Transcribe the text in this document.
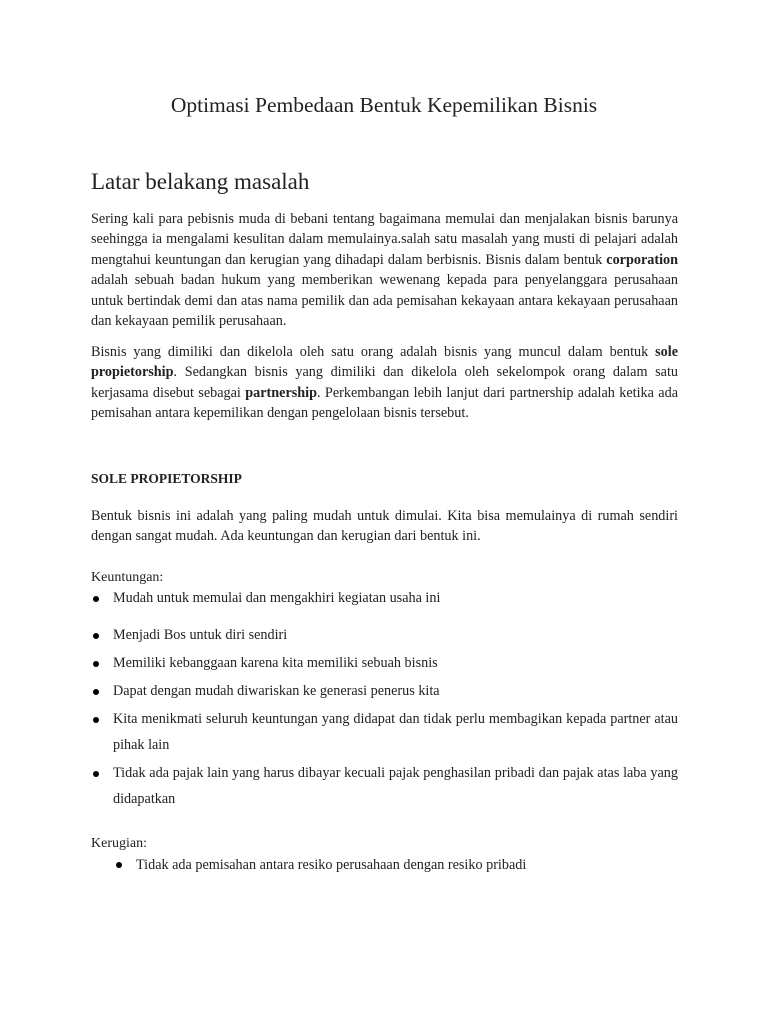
Optimasi Pembedaan Bentuk Kepemilikan Bisnis
Latar belakang masalah

Sering kali para pebisnis muda di bebani tentang bagaimana memulai dan menjalakan bisnis barunya seehingga ia mengalami kesulitan dalam memulainya.salah satu masalah yang musti di pelajari adalah mengtahui keuntungan dan kerugian yang dihadapi dalam berbisnis. Bisnis dalam bentuk corporation adalah sebuah badan hukum yang memberikan wewenang kepada para penyelanggara perusahaan untuk bertindak demi dan atas nama pemilik dan ada pemisahan kekayaan antara kekayaan perusahaan dan kekayaan pemilik perusahaan.

Bisnis yang dimiliki dan dikelola oleh satu orang adalah bisnis yang muncul dalam bentuk sole propietorship. Sedangkan bisnis yang dimiliki dan dikelola oleh sekelompok orang dalam satu kerjasama disebut sebagai partnership. Perkembangan lebih lanjut dari partnership adalah ketika ada pemisahan antara kepemilikan dengan pengelolaan bisnis tersebut.

SOLE PROPIETORSHIP

Bentuk bisnis ini adalah yang paling mudah untuk dimulai. Kita bisa memulainya di rumah sendiri dengan sangat mudah. Ada keuntungan dan kerugian dari bentuk ini.

Keuntungan:

Mudah untuk memulai dan mengakhiri kegiatan usaha ini
Menjadi Bos untuk diri sendiri
Memiliki kebanggaan karena kita memiliki sebuah bisnis
Dapat dengan mudah diwariskan ke generasi penerus kita
Kita menikmati seluruh keuntungan yang didapat dan tidak perlu membagikan kepada partner atau pihak lain
Tidak ada pajak lain yang harus dibayar kecuali pajak penghasilan pribadi dan pajak atas laba yang didapatkan

Kerugian:

Tidak ada pemisahan antara resiko perusahaan dengan resiko pribadi
